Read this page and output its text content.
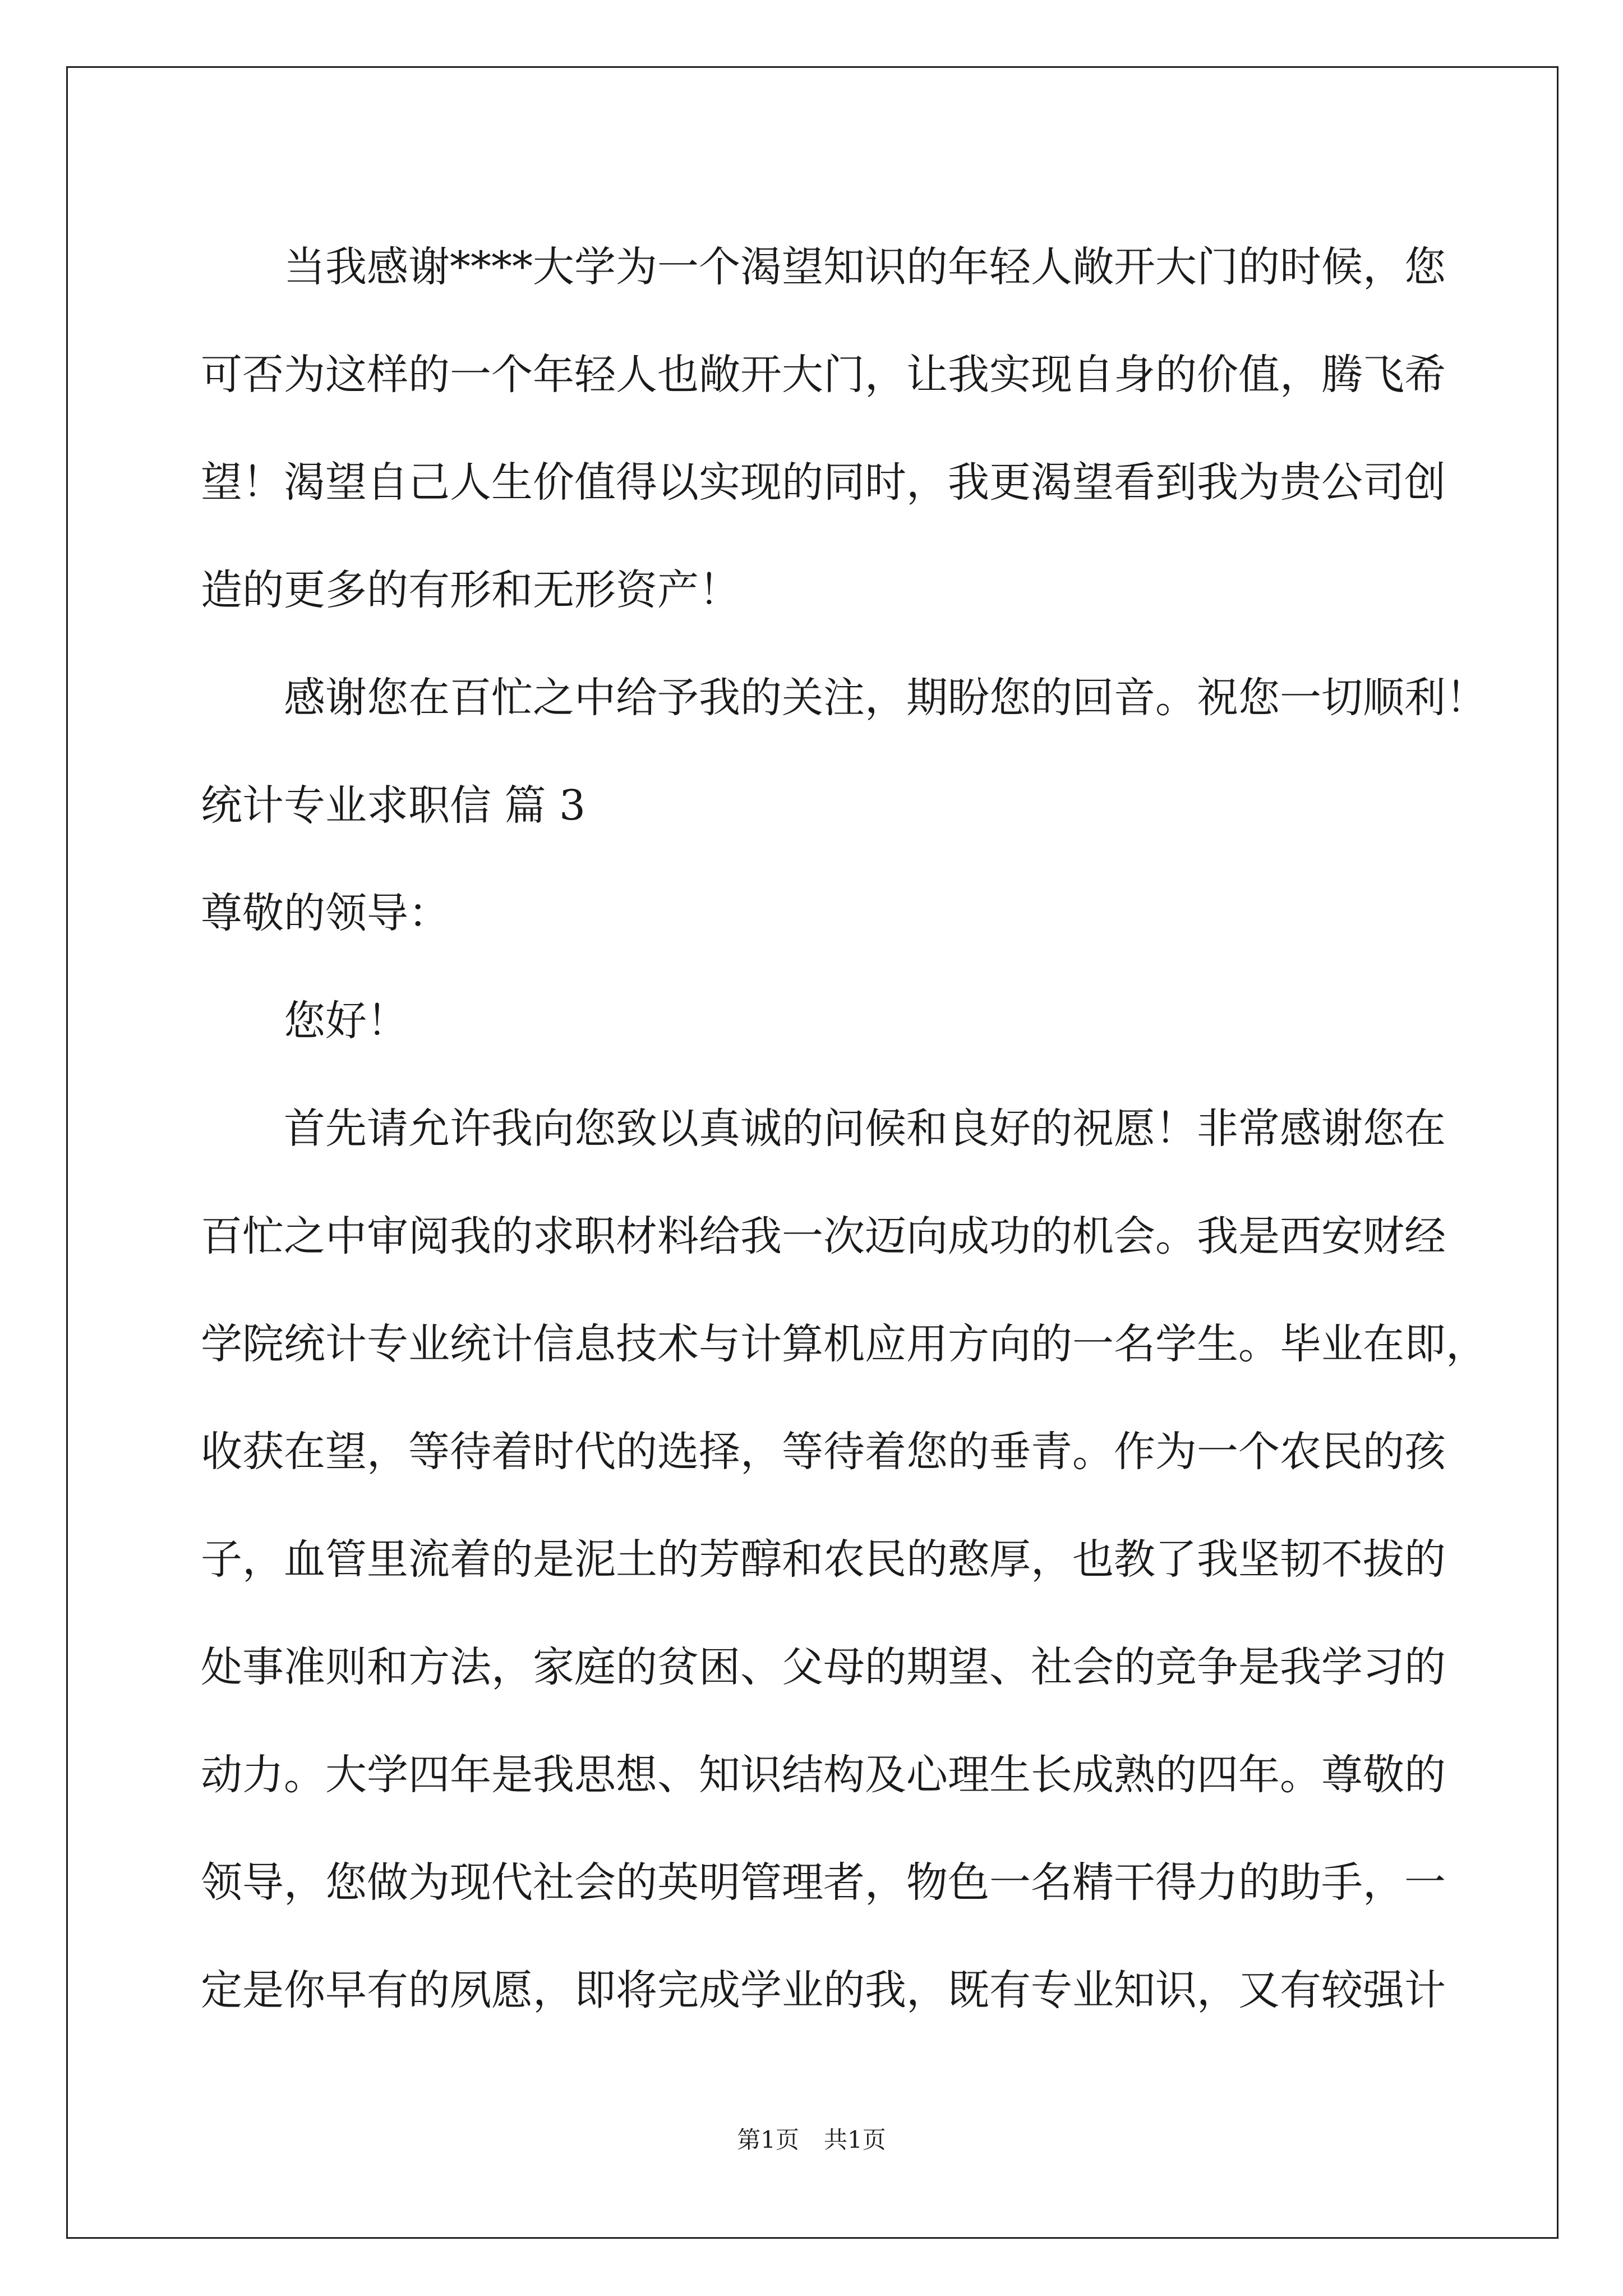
当我感谢****大学为一个渴望知识的年轻人敞开大门的时候，您
可否为这样的一个年轻人也敞开大门，让我实现自身的价值，腾飞希
望！渴望自己人生价值得以实现的同时，我更渴望看到我为贵公司创
造的更多的有形和无形资产！
感谢您在百忙之中给予我的关注，期盼您的回音。祝您一切顺利！
统计专业求职信 篇 3
尊敬的领导：
您好！
首先请允许我向您致以真诚的问候和良好的祝愿！非常感谢您在
百忙之中审阅我的求职材料给我一次迈向成功的机会。我是西安财经
学院统计专业统计信息技术与计算机应用方向的一名学生。毕业在即，
收获在望，等待着时代的选择，等待着您的垂青。作为一个农民的孩
子，血管里流着的是泥土的芳醇和农民的憨厚，也教了我坚韧不拔的
处事准则和方法，家庭的贫困、父母的期望、社会的竞争是我学习的
动力。大学四年是我思想、知识结构及心理生长成熟的四年。尊敬的
领导，您做为现代社会的英明管理者，物色一名精干得力的助手，一
定是你早有的夙愿，即将完成学业的我，既有专业知识，又有较强计
第1页 共1页
